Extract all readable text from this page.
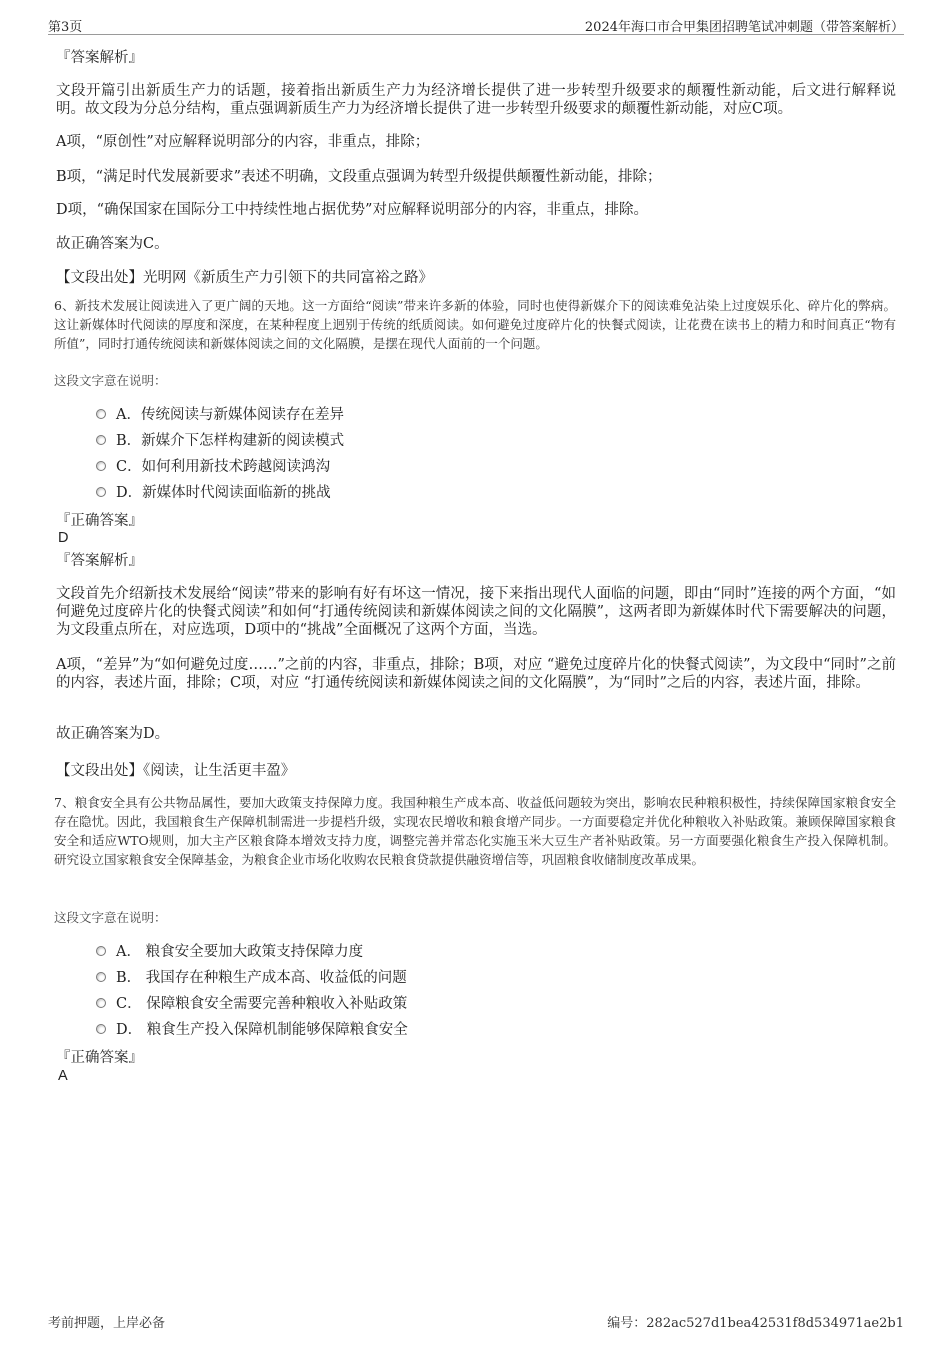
第3页	2024年海口市合甲集团招聘笔试冲刺题（带答案解析）
『答案解析』
文段开篇引出新质生产力的话题，接着指出新质生产力为经济增长提供了进一步转型升级要求的颠覆性新动能，后文进行解释说明。故文段为分总分结构，重点强调新质生产力为经济增长提供了进一步转型升级要求的颠覆性新动能，对应C项。
A项，“原创性”对应解释说明部分的内容，非重点，排除；
B项，“满足时代发展新要求”表述不明确，文段重点强调为转型升级提供颠覆性新动能，排除；
D项，“确保国家在国际分工中持续性地占据优势”对应解释说明部分的内容，非重点，排除。
故正确答案为C。
【文段出处】光明网《新质生产力引领下的共同富裕之路》
6、新技术发展让阅读进入了更广阔的天地。这一方面给“阅读”带来许多新的体验，同时也使得新媒介下的阅读难免沾染上过度娱乐化、碎片化的弊病。这让新媒体时代阅读的厚度和深度，在某种程度上迥别于传统的纸质阅读。如何避免过度碎片化的快餐式阅读，让花费在读书上的精力和时间真正“物有所值”，同时打通传统阅读和新媒体阅读之间的文化隔膜，是摆在现代人面前的一个问题。
这段文字意在说明：
A．传统阅读与新媒体阅读存在差异
B．新媒介下怎样构建新的阅读模式
C．如何利用新技术跨越阅读鸿沟
D．新媒体时代阅读面临新的挑战
『正确答案』
D
『答案解析』
文段首先介绍新技术发展给“阅读”带来的影响有好有坏这一情况，接下来指出现代人面临的问题，即由“同时”连接的两个方面，“如何避免过度碎片化的快餐式阅读”和如何“打通传统阅读和新媒体阅读之间的文化隔膜”，这两者即为新媒体时代下需要解决的问题，为文段重点所在，对应选项，D项中的“挑战”全面概况了这两个方面，当选。
A项，“差异”为“如何避免过度……”之前的内容，非重点，排除；B项，对应 “避免过度碎片化的快餐式阅读”，为文段中“同时”之前的内容，表述片面，排除；C项，对应 “打通传统阅读和新媒体阅读之间的文化隔膜”，为“同时”之后的内容，表述片面，排除。
故正确答案为D。
【文段出处】《阅读，让生活更丰盈》
7、粮食安全具有公共物品属性，要加大政策支持保障力度。我国种粮生产成本高、收益低问题较为突出，影响农民种粮积极性，持续保障国家粮食安全存在隐忧。因此，我国粮食生产保障机制需进一步提档升级，实现农民增收和粮食增产同步。一方面要稳定并优化种粮收入补贴政策。兼顾保障国家粮食安全和适应WTO规则，加大主产区粮食降本增效支持力度，调整完善并常态化实施玉米大豆生产者补贴政策。另一方面要强化粮食生产投入保障机制。研究设立国家粮食安全保障基金，为粮食企业市场化收购农民粮食贷款提供融资增信等，巩固粮食收储制度改革成果。
这段文字意在说明：
A． 粮食安全要加大政策支持保障力度
B． 我国存在种粮生产成本高、收益低的问题
C． 保障粮食安全需要完善种粮收入补贴政策
D． 粮食生产投入保障机制能够保障粮食安全
『正确答案』
A
考前押题，上岸必备	编号：282ac527d1bea42531f8d534971ae2b1
